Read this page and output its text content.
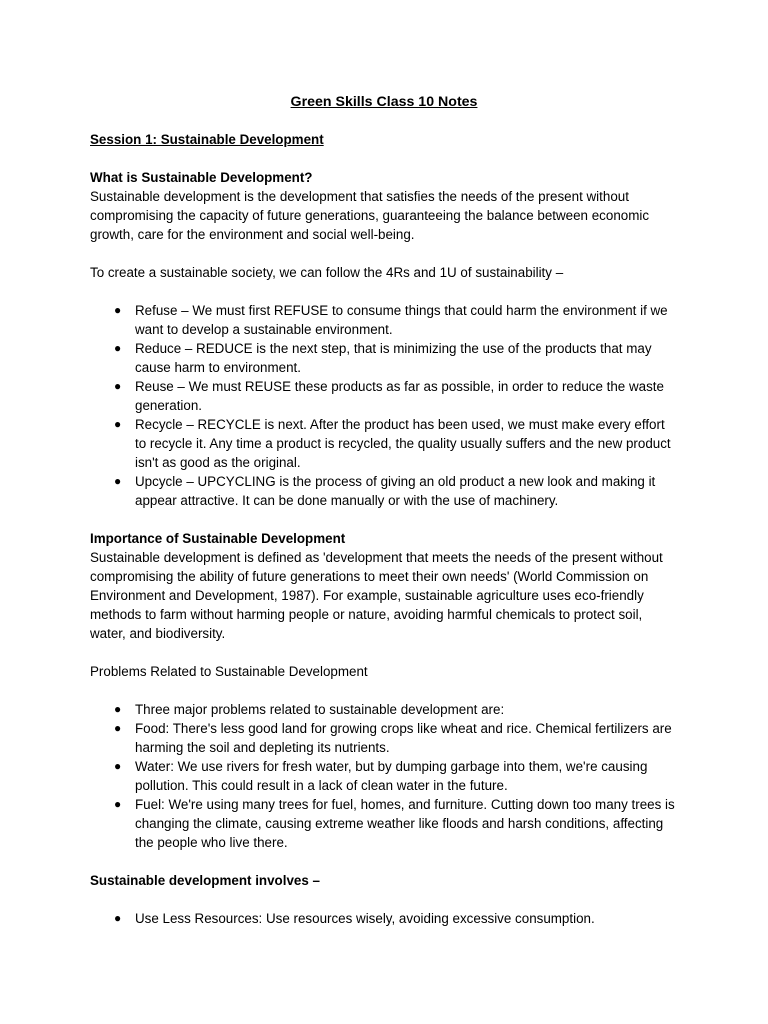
Green Skills Class 10 Notes
Session 1: Sustainable Development
What is Sustainable Development?

Sustainable development is the development that satisfies the needs of the present without compromising the capacity of future generations, guaranteeing the balance between economic growth, care for the environment and social well-being.

To create a sustainable society, we can follow the 4Rs and 1U of sustainability –

● Refuse – We must first REFUSE to consume things that could harm the environment if we want to develop a sustainable environment.
● Reduce – REDUCE is the next step, that is minimizing the use of the products that may cause harm to environment.
● Reuse – We must REUSE these products as far as possible, in order to reduce the waste generation.
● Recycle – RECYCLE is next. After the product has been used, we must make every effort to recycle it. Any time a product is recycled, the quality usually suffers and the new product isn't as good as the original.
● Upcycle – UPCYCLING is the process of giving an old product a new look and making it appear attractive. It can be done manually or with the use of machinery.
Importance of Sustainable Development

Sustainable development is defined as 'development that meets the needs of the present without compromising the ability of future generations to meet their own needs' (World Commission on Environment and Development, 1987). For example, sustainable agriculture uses eco-friendly methods to farm without harming people or nature, avoiding harmful chemicals to protect soil, water, and biodiversity.

Problems Related to Sustainable Development
● Three major problems related to sustainable development are:
● Food: There's less good land for growing crops like wheat and rice. Chemical fertilizers are harming the soil and depleting its nutrients.
● Water: We use rivers for fresh water, but by dumping garbage into them, we're causing pollution. This could result in a lack of clean water in the future.
● Fuel: We're using many trees for fuel, homes, and furniture. Cutting down too many trees is changing the climate, causing extreme weather like floods and harsh conditions, affecting the people who live there.
Sustainable development involves –
● Use Less Resources: Use resources wisely, avoiding excessive consumption.
